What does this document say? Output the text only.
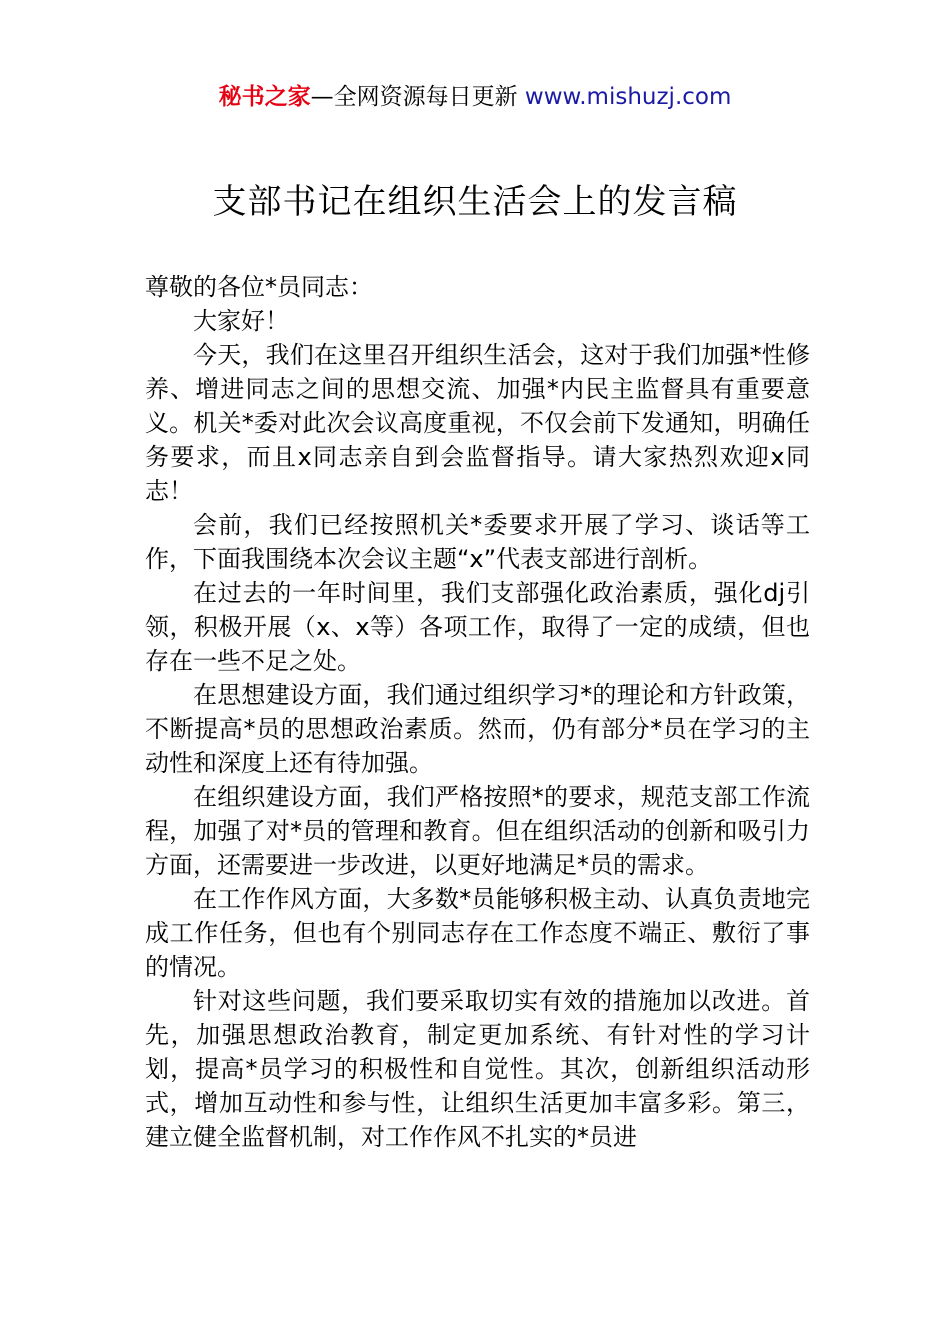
秘书之家—全网资源每日更新 www.mishuzj.com
支部书记在组织生活会上的发言稿

尊敬的各位*员同志：

大家好！

今天，我们在这里召开组织生活会，这对于我们加强*性修养、增进同志之间的思想交流、加强*内民主监督具有重要意义。机关*委对此次会议高度重视，不仅会前下发通知，明确任务要求，而且x同志亲自到会监督指导。请大家热烈欢迎x同志！

会前，我们已经按照机关*委要求开展了学习、谈话等工作，下面我围绕本次会议主题“x”代表支部进行剖析。

在过去的一年时间里，我们支部强化政治素质，强化dj引领，积极开展（x、x等）各项工作，取得了一定的成绩，但也存在一些不足之处。

在思想建设方面，我们通过组织学习*的理论和方针政策，不断提高*员的思想政治素质。然而，仍有部分*员在学习的主动性和深度上还有待加强。

在组织建设方面，我们严格按照*的要求，规范支部工作流程，加强了对*员的管理和教育。但在组织活动的创新和吸引力方面，还需要进一步改进，以更好地满足*员的需求。

在工作作风方面，大多数*员能够积极主动、认真负责地完成工作任务，但也有个别同志存在工作态度不端正、敷衍了事的情况。

针对这些问题，我们要采取切实有效的措施加以改进。首先，加强思想政治教育，制定更加系统、有针对性的学习计划，提高*员学习的积极性和自觉性。其次，创新组织活动形式，增加互动性和参与性，让组织生活更加丰富多彩。第三，建立健全监督机制，对工作作风不扎实的*员进
